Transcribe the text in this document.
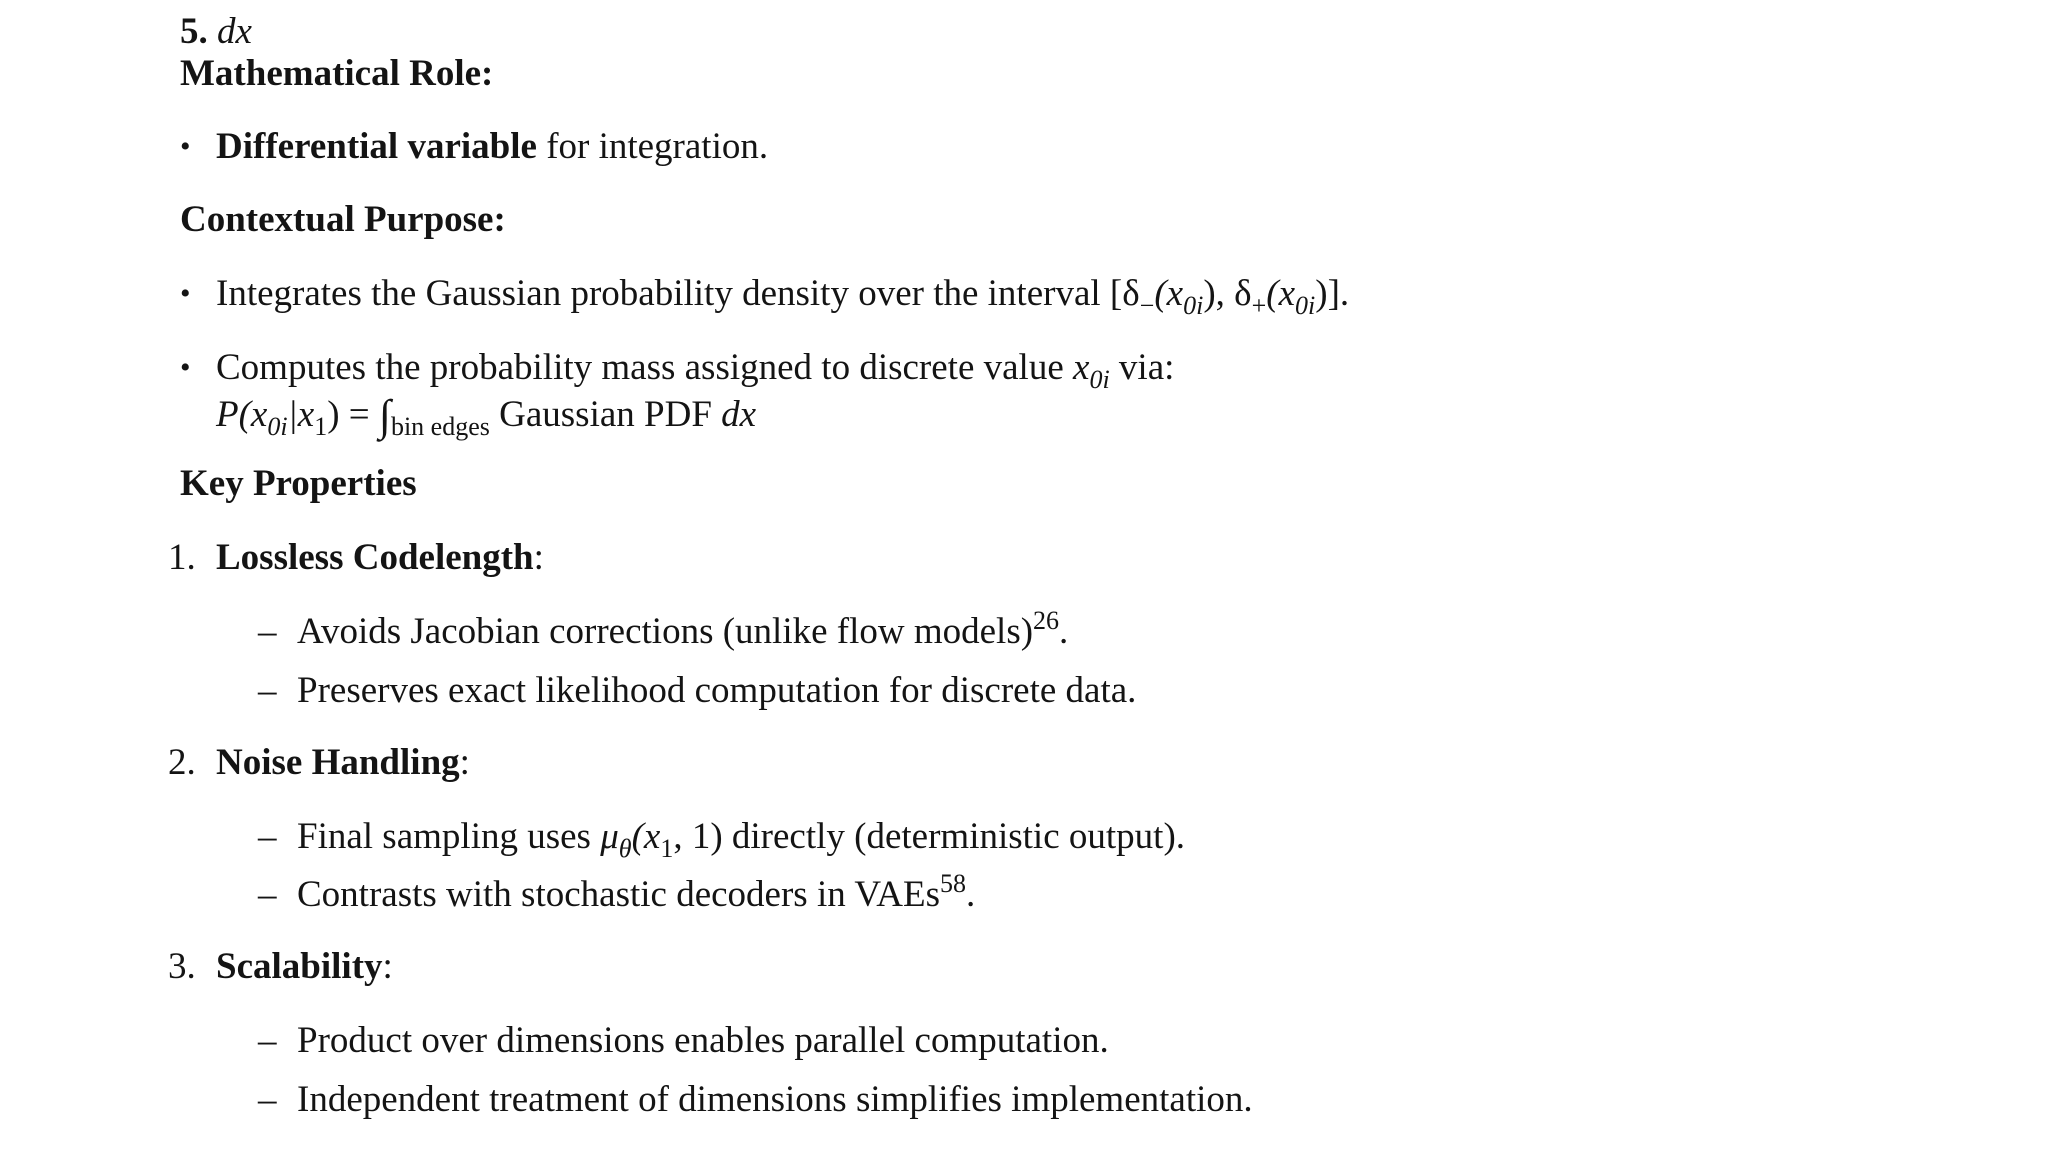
5. dx
Mathematical Role:
• Differential variable for integration.
Contextual Purpose:
• Integrates the Gaussian probability density over the interval [$\delta_-(x_{0i})$, $\delta_+(x_{0i})$].
• Computes the probability mass assigned to discrete value $x_{0i}$ via:
$P(x_{0i}|x_1) = \int_{bin edges}$ Gaussian PDF dx
Key Properties
1. Lossless Codelength:
– Avoids Jacobian corrections (unlike flow models)$^{26}$.
– Preserves exact likelihood computation for discrete data.
2. Noise Handling:
– Final sampling uses $\mu_\theta(x_1$, 1) directly (deterministic output).
– Contrasts with stochastic decoders in VAEs$^{58}$.
3. Scalability:
– Product over dimensions enables parallel computation.
– Independent treatment of dimensions simplifies implementation.
